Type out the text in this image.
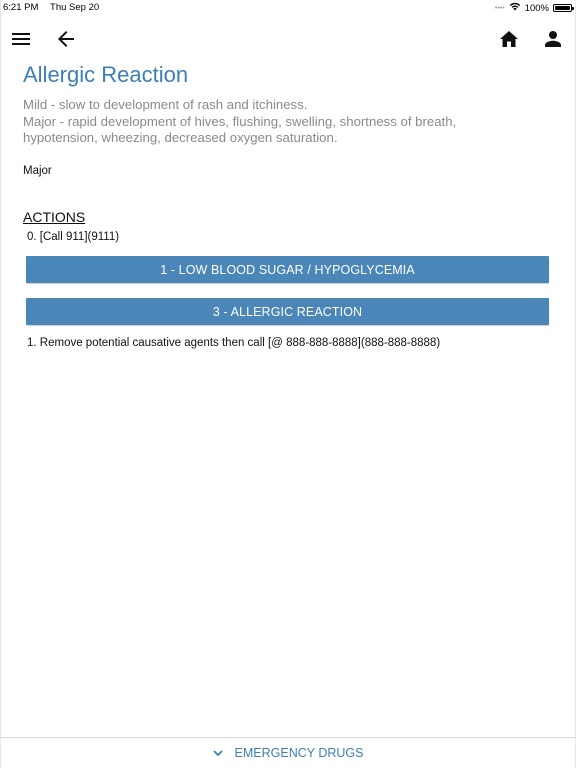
6:21 PM Thu Sep 20	•••• 100%
Allergic Reaction
Mild - slow to development of rash and itchiness.
Major - rapid development of hives, flushing, swelling, shortness of breath,
hypotension, wheezing, decreased oxygen saturation.
Major
ACTIONS
0. [Call 911](9111)
1 - LOW BLOOD SUGAR / HYPOGLYCEMIA
3 - ALLERGIC REACTION
1. Remove potential causative agents then call [@ 888-888-8888](888-888-8888)
EMERGENCY DRUGS
